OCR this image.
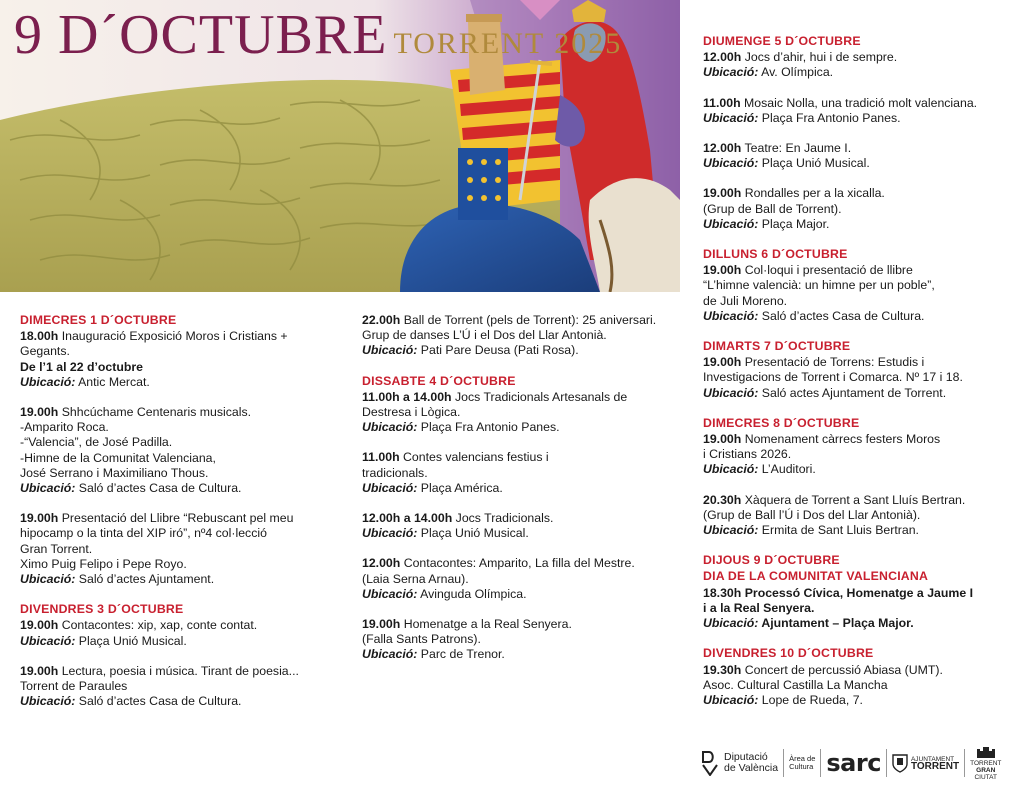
9 D´OCTUBRE TORRENT 2025
DIMECRES 1 D´OCTUBRE
18.00h Inauguració Exposició Moros i Cristians +
Gegants.
De l’1 al 22 d’octubre
Ubicació: Antic Mercat.
19.00h Shhcúchame Centenaris musicals.
-Amparito Roca.
-“Valencia”, de José Padilla.
-Himne de la Comunitat Valenciana,
José Serrano i Maximiliano Thous.
Ubicació: Saló d’actes Casa de Cultura.
19.00h Presentació del Llibre “Rebuscant pel meu
hipocamp o la tinta del XIP iró”, nº4 col·lecció
Gran Torrent.
Ximo Puig Felipo i Pepe Royo.
Ubicació: Saló d’actes Ajuntament.
DIVENDRES 3 D´OCTUBRE
19.00h Contacontes: xip, xap, conte contat.
Ubicació: Plaça Unió Musical.
19.00h Lectura, poesia i música. Tirant de poesia...
Torrent de Paraules
Ubicació: Saló d’actes Casa de Cultura.
22.00h Ball de Torrent (pels de Torrent): 25 aniversari.
Grup de danses L’Ú i el Dos del Llar Antonià.
Ubicació: Pati Pare Deusa (Pati Rosa).
DISSABTE 4 D´OCTUBRE
11.00h a 14.00h Jocs Tradicionals Artesanals de
Destresa i Lògica.
Ubicació: Plaça Fra Antonio Panes.
11.00h Contes valencians festius i
tradicionals.
Ubicació: Plaça América.
12.00h a 14.00h Jocs Tradicionals.
Ubicació: Plaça Unió Musical.
12.00h Contacontes: Amparito, La filla del Mestre.
(Laia Serna Arnau).
Ubicació: Avinguda Olímpica.
19.00h Homenatge a la Real Senyera.
(Falla Sants Patrons).
Ubicació: Parc de Trenor.
DIUMENGE 5 D´OCTUBRE
12.00h Jocs d’ahir, hui i de sempre.
Ubicació: Av. Olímpica.
11.00h Mosaic Nolla, una tradició molt valenciana.
Ubicació: Plaça Fra Antonio Panes.
12.00h Teatre: En Jaume I.
Ubicació: Plaça Unió Musical.
19.00h Rondalles per a la xicalla.
(Grup de Ball de Torrent).
Ubicació: Plaça Major.
DILLUNS 6 D´OCTUBRE
19.00h Col·loqui i presentació de llibre
“L’himne valencià: un himne per un poble”,
de Juli Moreno.
Ubicació: Saló d’actes Casa de Cultura.
DIMARTS 7 D´OCTUBRE
19.00h Presentació de Torrens: Estudis i
Investigacions de Torrent i Comarca. Nº 17 i 18.
Ubicació: Saló actes Ajuntament de Torrent.
DIMECRES 8 D´OCTUBRE
19.00h Nomenament càrrecs festers Moros
i Cristians 2026.
Ubicació: L’Auditori.
20.30h Xàquera de Torrent a Sant Lluís Bertran.
(Grup de Ball l’Ú i Dos del Llar Antonià).
Ubicació: Ermita de Sant Lluis Bertran.
DIJOUS 9 D´OCTUBRE
DIA DE LA COMUNITAT VALENCIANA
18.30h Processó Cívica, Homenatge a Jaume I
i a la Real Senyera.
Ubicació: Ajuntament – Plaça Major.
DIVENDRES 10 D´OCTUBRE
19.30h Concert de percussió Abiasa (UMT).
Asoc. Cultural Castilla La Mancha
Ubicació: Lope de Rueda, 7.
Diputació
de València
Àrea de
Cultura sarc	AJUNTAMENT
TORRENT TORRENT
GRAN
CIUTAT
